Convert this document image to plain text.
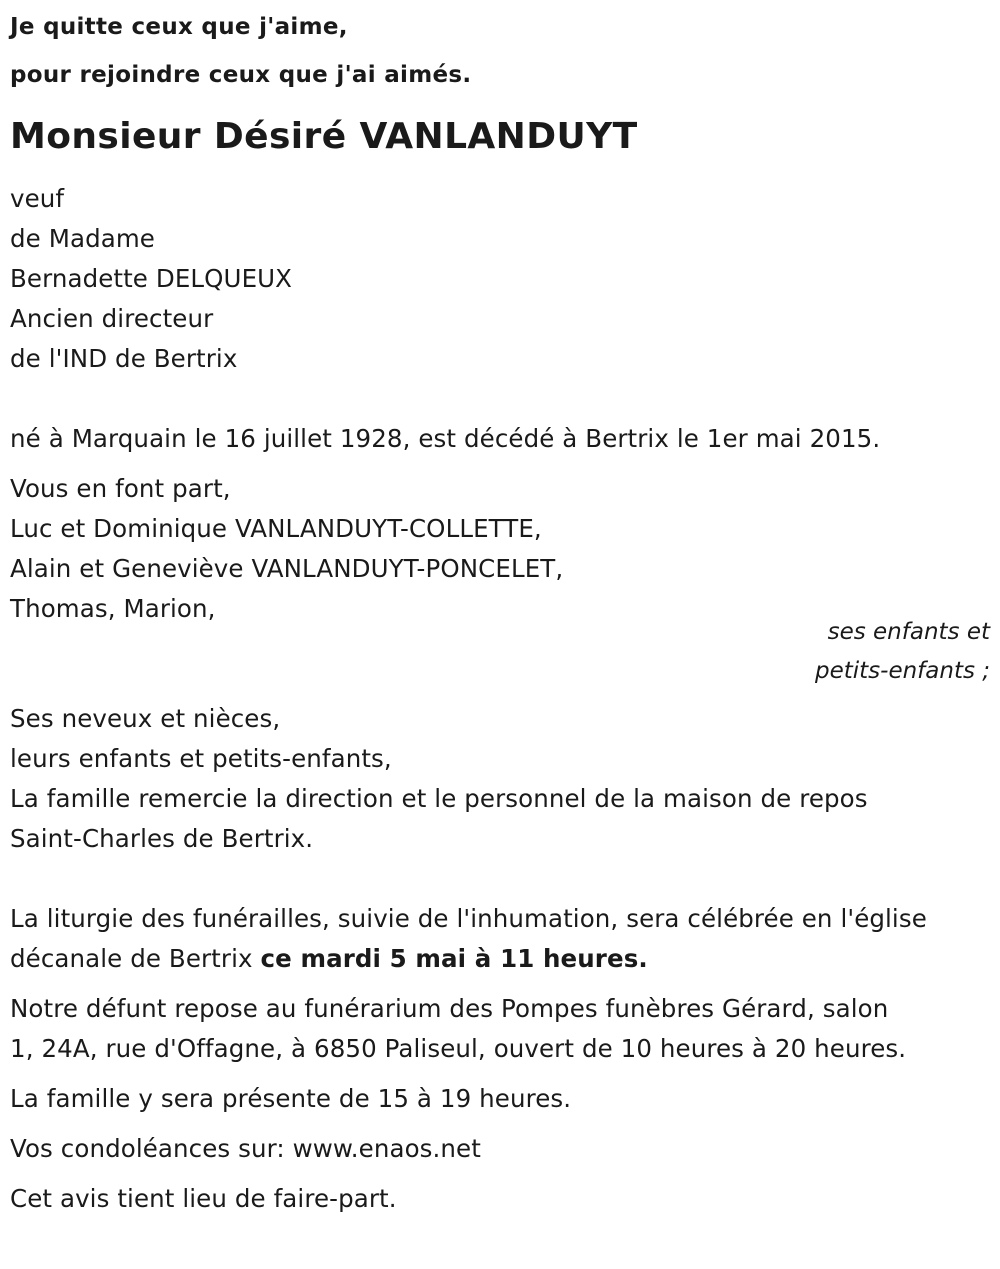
Je quitte ceux que j'aime,

pour rejoindre ceux que j'ai aimés.

Monsieur Désiré VANLANDUYT

veuf

de Madame

Bernadette DELQUEUX

Ancien directeur

de l'IND de Bertrix

né à Marquain le 16 juillet 1928, est décédé à Bertrix le 1er mai 2015.

Vous en font part,

Luc et Dominique VANLANDUYT-COLLETTE,

Alain et Geneviève VANLANDUYT-PONCELET,

Thomas, Marion,

ses enfants et

petits-enfants ;

Ses neveux et nièces,

leurs enfants et petits-enfants,

La famille remercie la direction et le personnel de la maison de repos

Saint-Charles de Bertrix.

La liturgie des funérailles, suivie de l'inhumation, sera célébrée en l'église

décanale de Bertrix ce mardi 5 mai à 11 heures.

Notre défunt repose au funérarium des Pompes funèbres Gérard, salon

1, 24A, rue d'Offagne, à 6850 Paliseul, ouvert de 10 heures à 20 heures.

La famille y sera présente de 15 à 19 heures.

Vos condoléances sur: www.enaos.net

Cet avis tient lieu de faire-part.
